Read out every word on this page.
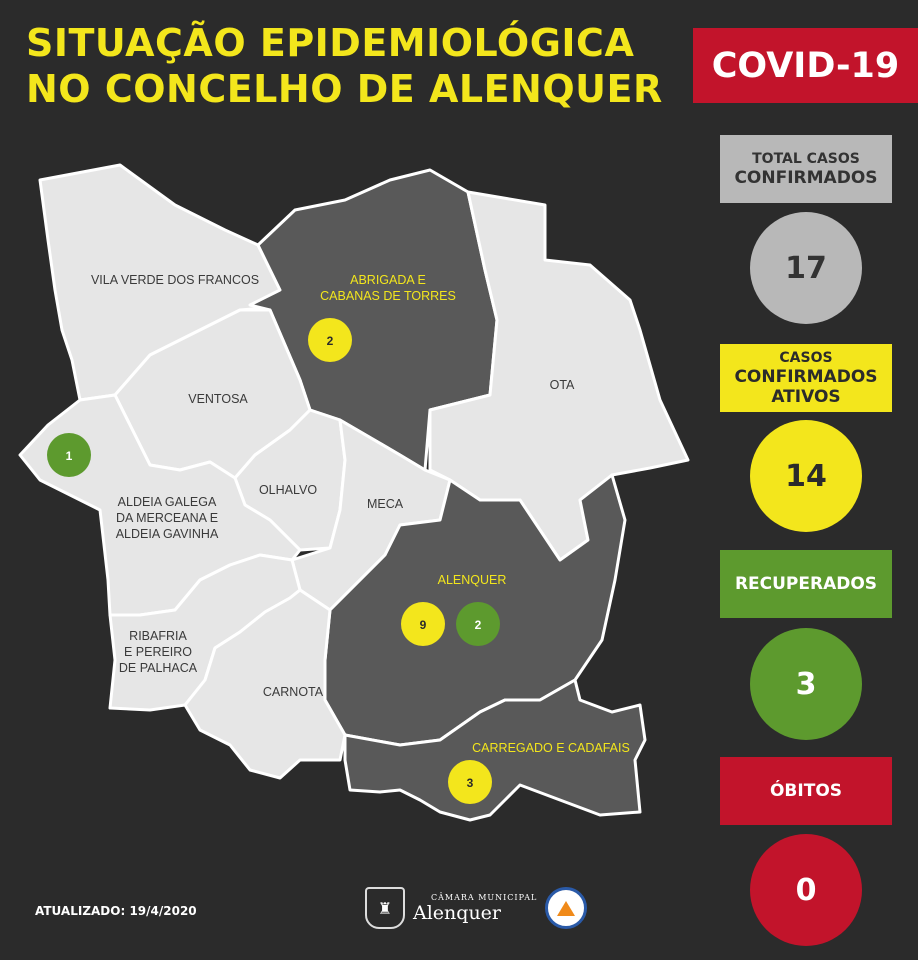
SITUAÇÃO EPIDEMIOLÓGICA
NO CONCELHO DE ALENQUER
COVID-19
VILA VERDE DOS FRANCOS	ABRIGADA E
CABANAS DE TORRES
OTA
VENTOSA
OLHALVO
MECA
ALDEIA GALEGA
DA MERCEANA E
ALDEIA GAVINHA
ALENQUER
RIBAFRIA
E PEREIRO
DE PALHACA
CARNOTA
CARREGADO E CADAFAIS
2
1
9	2
3
TOTAL CASOS
CONFIRMADOS
17
CASOS
CONFIRMADOS
ATIVOS
14
RECUPERADOS
3
ÓBITOS
0
ATUALIZADO: 19/4/2020	♜
CÂMARA MUNICIPAL
Alenquer
